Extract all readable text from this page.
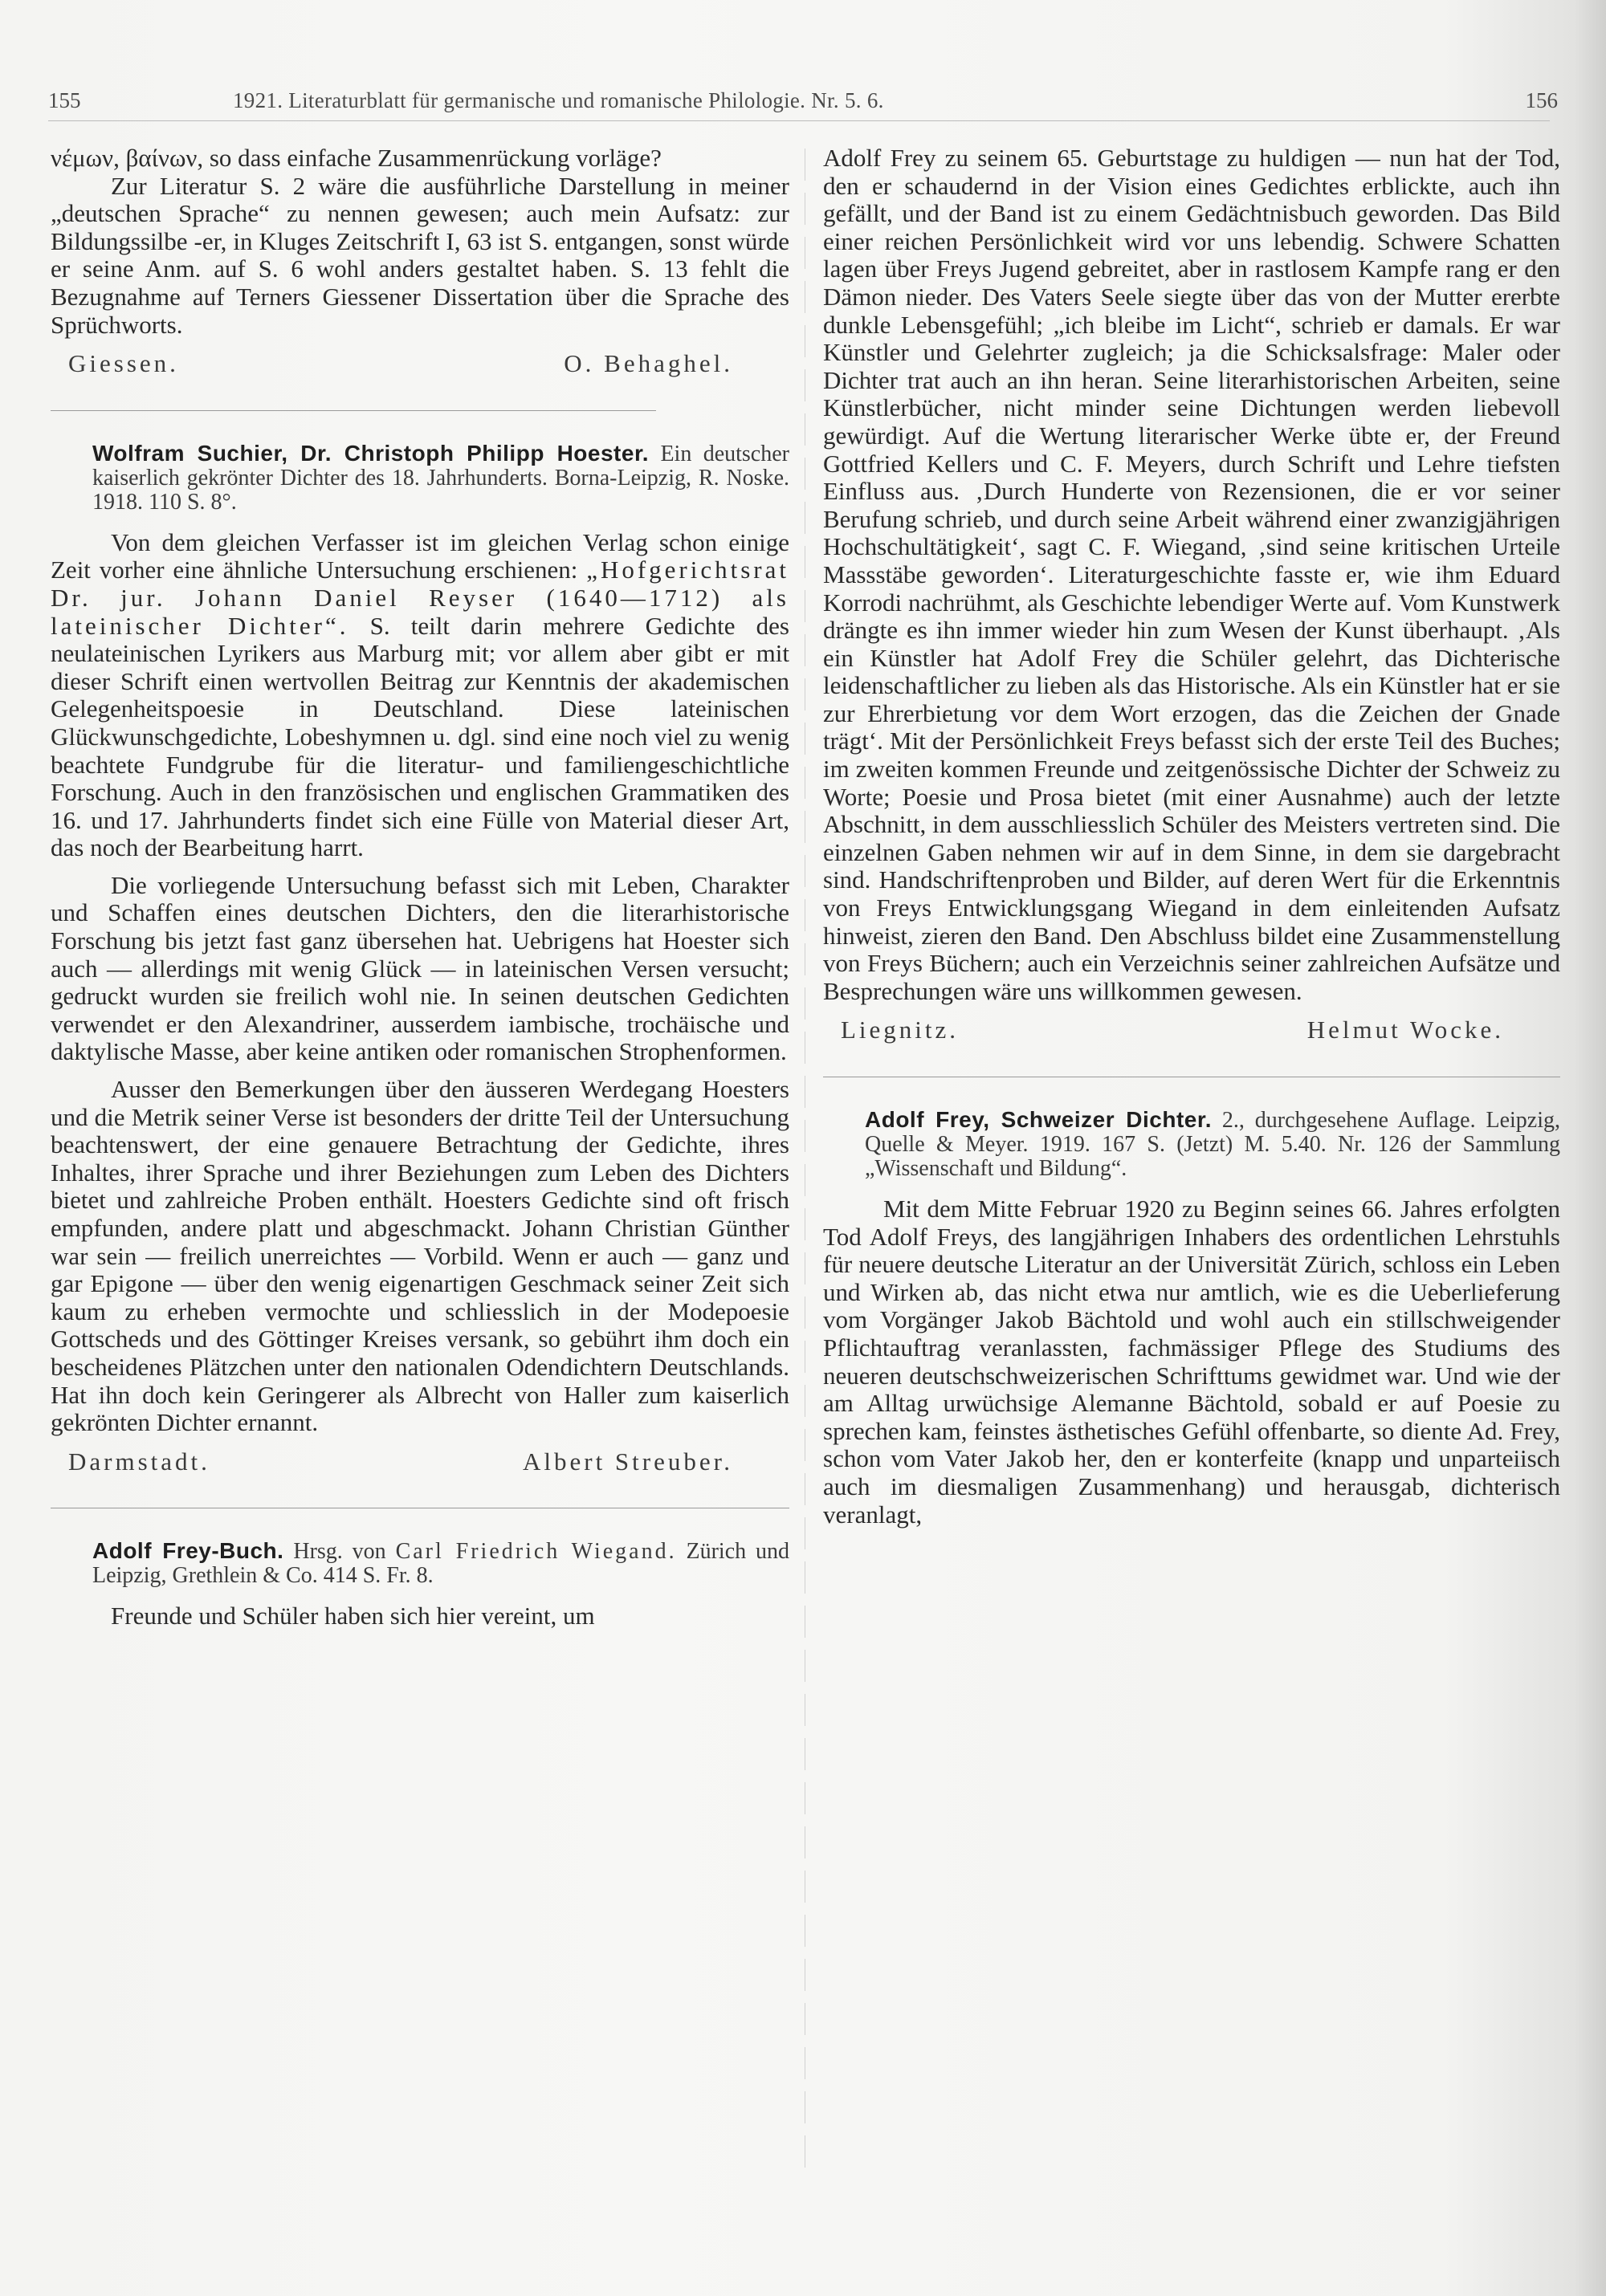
155	1921. Literaturblatt für germanische und romanische Philologie. Nr. 5. 6.	156

νέμων, βαίνων, so dass einfache Zusammenrückung vorläge?

Zur Literatur S. 2 wäre die ausführliche Darstellung in meiner „deutschen Sprache“ zu nennen gewesen; auch mein Aufsatz: zur Bildungssilbe -er, in Kluges Zeitschrift I, 63 ist S. entgangen, sonst würde er seine Anm. auf S. 6 wohl anders gestaltet haben. S. 13 fehlt die Bezugnahme auf Terners Giessener Dissertation über die Sprache des Sprüchworts.

Giessen.	O. Behaghel.

Wolfram Suchier, Dr. Christoph Philipp Hoester. Ein deutscher kaiserlich gekrönter Dichter des 18. Jahrhunderts. Borna-Leipzig, R. Noske. 1918. 110 S. 8°.

Von dem gleichen Verfasser ist im gleichen Verlag schon einige Zeit vorher eine ähnliche Untersuchung erschienen: „Hofgerichtsrat Dr. jur. Johann Daniel Reyser (1640—1712) als lateinischer Dichter“. S. teilt darin mehrere Gedichte des neulateinischen Lyrikers aus Marburg mit; vor allem aber gibt er mit dieser Schrift einen wertvollen Beitrag zur Kenntnis der akademischen Gelegenheitspoesie in Deutschland. Diese lateinischen Glückwunschgedichte, Lobeshymnen u. dgl. sind eine noch viel zu wenig beachtete Fundgrube für die literatur- und familiengeschichtliche Forschung. Auch in den französischen und englischen Grammatiken des 16. und 17. Jahrhunderts findet sich eine Fülle von Material dieser Art, das noch der Bearbeitung harrt.

Die vorliegende Untersuchung befasst sich mit Leben, Charakter und Schaffen eines deutschen Dichters, den die literarhistorische Forschung bis jetzt fast ganz übersehen hat. Uebrigens hat Hoester sich auch — allerdings mit wenig Glück — in lateinischen Versen versucht; gedruckt wurden sie freilich wohl nie. In seinen deutschen Gedichten verwendet er den Alexandriner, ausserdem iambische, trochäische und daktylische Masse, aber keine antiken oder romanischen Strophenformen.

Ausser den Bemerkungen über den äusseren Werdegang Hoesters und die Metrik seiner Verse ist besonders der dritte Teil der Untersuchung beachtenswert, der eine genauere Betrachtung der Gedichte, ihres Inhaltes, ihrer Sprache und ihrer Beziehungen zum Leben des Dichters bietet und zahlreiche Proben enthält. Hoesters Gedichte sind oft frisch empfunden, andere platt und abgeschmackt. Johann Christian Günther war sein — freilich unerreichtes — Vorbild. Wenn er auch — ganz und gar Epigone — über den wenig eigenartigen Geschmack seiner Zeit sich kaum zu erheben vermochte und schliesslich in der Modepoesie Gottscheds und des Göttinger Kreises versank, so gebührt ihm doch ein bescheidenes Plätzchen unter den nationalen Odendichtern Deutschlands. Hat ihn doch kein Geringerer als Albrecht von Haller zum kaiserlich gekrönten Dichter ernannt.

Darmstadt.	Albert Streuber.

Adolf Frey-Buch. Hrsg. von Carl Friedrich Wiegand. Zürich und Leipzig, Grethlein & Co. 414 S. Fr. 8.

Freunde und Schüler haben sich hier vereint, um

Adolf Frey zu seinem 65. Geburtstage zu huldigen — nun hat der Tod, den er schaudernd in der Vision eines Gedichtes erblickte, auch ihn gefällt, und der Band ist zu einem Gedächtnisbuch geworden. Das Bild einer reichen Persönlichkeit wird vor uns lebendig. Schwere Schatten lagen über Freys Jugend gebreitet, aber in rastlosem Kampfe rang er den Dämon nieder. Des Vaters Seele siegte über das von der Mutter ererbte dunkle Lebensgefühl; „ich bleibe im Licht“, schrieb er damals. Er war Künstler und Gelehrter zugleich; ja die Schicksalsfrage: Maler oder Dichter trat auch an ihn heran. Seine literarhistorischen Arbeiten, seine Künstlerbücher, nicht minder seine Dichtungen werden liebevoll gewürdigt. Auf die Wertung literarischer Werke übte er, der Freund Gottfried Kellers und C. F. Meyers, durch Schrift und Lehre tiefsten Einfluss aus. ‚Durch Hunderte von Rezensionen, die er vor seiner Berufung schrieb, und durch seine Arbeit während einer zwanzigjährigen Hochschultätigkeit‘, sagt C. F. Wiegand, ‚sind seine kritischen Urteile Massstäbe geworden‘. Literaturgeschichte fasste er, wie ihm Eduard Korrodi nachrühmt, als Geschichte lebendiger Werte auf. Vom Kunstwerk drängte es ihn immer wieder hin zum Wesen der Kunst überhaupt. ‚Als ein Künstler hat Adolf Frey die Schüler gelehrt, das Dichterische leidenschaftlicher zu lieben als das Historische. Als ein Künstler hat er sie zur Ehrerbietung vor dem Wort erzogen, das die Zeichen der Gnade trägt‘. Mit der Persönlichkeit Freys befasst sich der erste Teil des Buches; im zweiten kommen Freunde und zeitgenössische Dichter der Schweiz zu Worte; Poesie und Prosa bietet (mit einer Ausnahme) auch der letzte Abschnitt, in dem ausschliesslich Schüler des Meisters vertreten sind. Die einzelnen Gaben nehmen wir auf in dem Sinne, in dem sie dargebracht sind. Handschriftenproben und Bilder, auf deren Wert für die Erkenntnis von Freys Entwicklungsgang Wiegand in dem einleitenden Aufsatz hinweist, zieren den Band. Den Abschluss bildet eine Zusammenstellung von Freys Büchern; auch ein Verzeichnis seiner zahlreichen Aufsätze und Besprechungen wäre uns willkommen gewesen.

Liegnitz.	Helmut Wocke.

Adolf Frey, Schweizer Dichter. 2., durchgesehene Auflage. Leipzig, Quelle & Meyer. 1919. 167 S. (Jetzt) M. 5.40. Nr. 126 der Sammlung „Wissenschaft und Bildung“.

Mit dem Mitte Februar 1920 zu Beginn seines 66. Jahres erfolgten Tod Adolf Freys, des langjährigen Inhabers des ordentlichen Lehrstuhls für neuere deutsche Literatur an der Universität Zürich, schloss ein Leben und Wirken ab, das nicht etwa nur amtlich, wie es die Ueberlieferung vom Vorgänger Jakob Bächtold und wohl auch ein stillschweigender Pflichtauftrag veranlassten, fachmässiger Pflege des Studiums des neueren deutschschweizerischen Schrifttums gewidmet war. Und wie der am Alltag urwüchsige Alemanne Bächtold, sobald er auf Poesie zu sprechen kam, feinstes ästhetisches Gefühl offenbarte, so diente Ad. Frey, schon vom Vater Jakob her, den er konterfeite (knapp und unparteiisch auch im diesmaligen Zusammenhang) und herausgab, dichterisch veranlagt,
